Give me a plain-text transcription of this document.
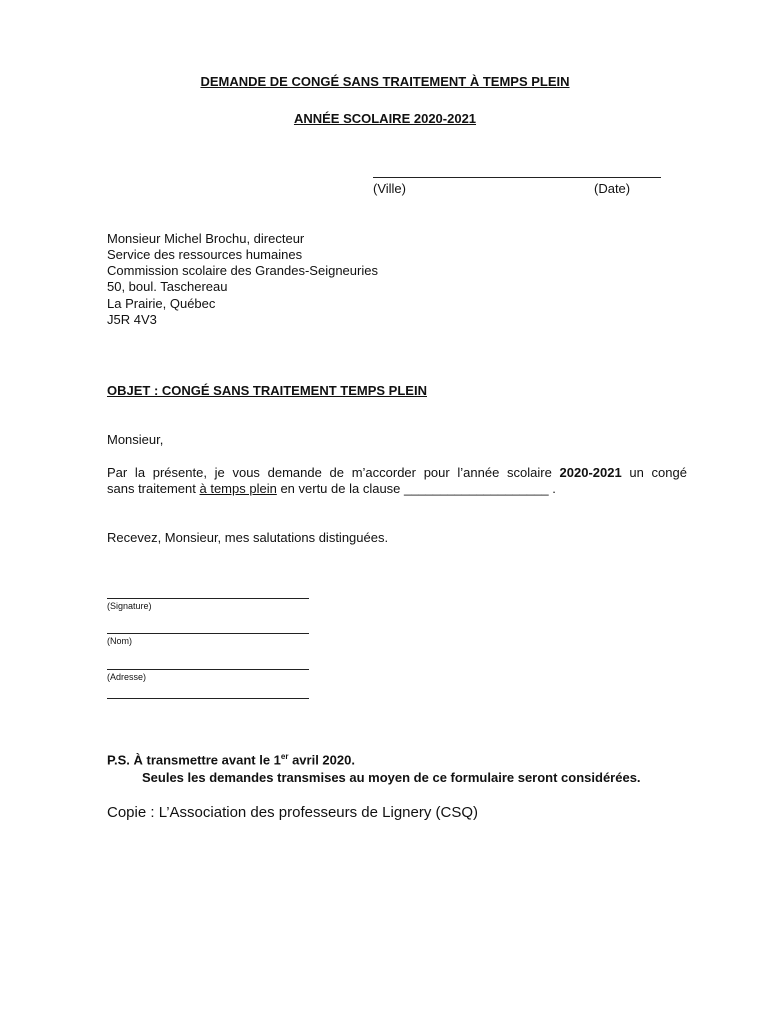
DEMANDE DE CONGÉ SANS TRAITEMENT À TEMPS PLEIN
ANNÉE SCOLAIRE 2020-2021
(Ville)	(Date)
Monsieur Michel Brochu, directeur
Service des ressources humaines
Commission scolaire des Grandes-Seigneuries
50, boul. Taschereau
La Prairie, Québec
J5R 4V3
OBJET : CONGÉ SANS TRAITEMENT TEMPS PLEIN
Monsieur,
Par la présente, je vous demande de m’accorder pour l’année scolaire 2020-2021 un congé
sans traitement à temps plein en vertu de la clause ____________________ .
Recevez, Monsieur, mes salutations distinguées.
(Signature)
(Nom)
(Adresse)
P.S. À transmettre avant le 1er avril 2020.
Seules les demandes transmises au moyen de ce formulaire seront considérées.
Copie : L’Association des professeurs de Lignery (CSQ)
